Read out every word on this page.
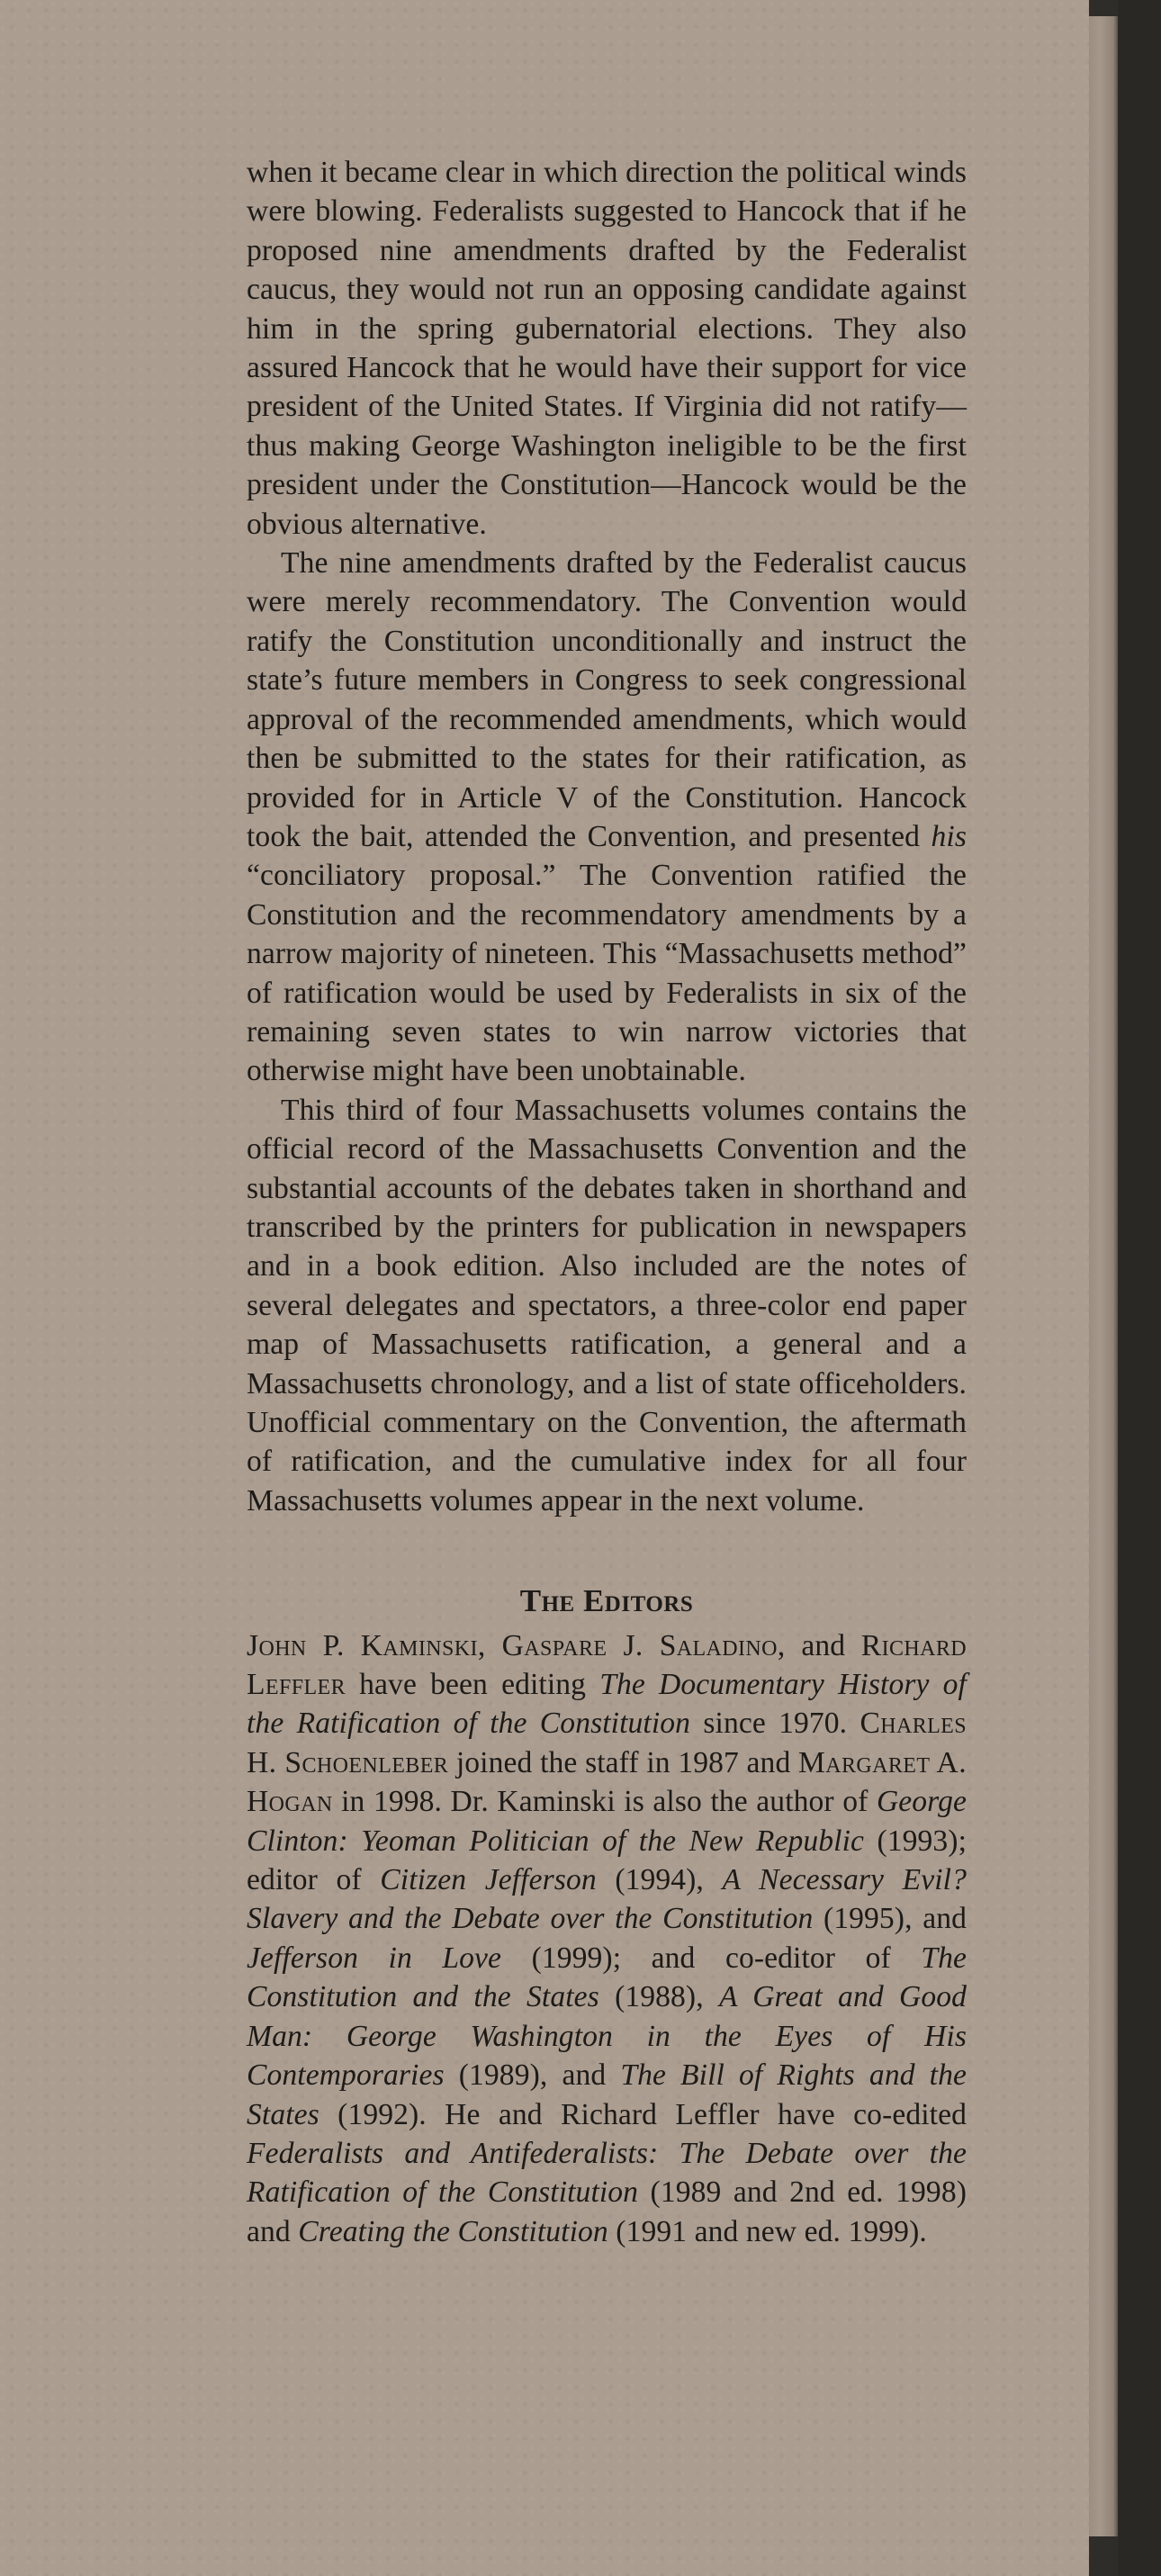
when it became clear in which direction the political winds were blowing. Federalists suggested to Hancock that if he proposed nine amendments drafted by the Federalist caucus, they would not run an opposing candidate against him in the spring gubernatorial elections. They also assured Hancock that he would have their support for vice president of the United States. If Virginia did not ratify—thus making George Washington ineligible to be the first president under the Constitution—Hancock would be the obvious alternative.

The nine amendments drafted by the Federalist caucus were merely recommendatory. The Convention would ratify the Constitution unconditionally and instruct the state’s future members in Congress to seek congressional approval of the recommended amendments, which would then be submitted to the states for their ratification, as provided for in Article V of the Constitution. Hancock took the bait, attended the Convention, and presented his “conciliatory proposal.” The Convention ratified the Constitution and the recommendatory amendments by a narrow majority of nineteen. This “Massachusetts method” of ratification would be used by Federalists in six of the remaining seven states to win narrow victories that otherwise might have been unobtainable.

This third of four Massachusetts volumes contains the official record of the Massachusetts Convention and the substantial accounts of the debates taken in shorthand and transcribed by the printers for publication in newspapers and in a book edition. Also included are the notes of several delegates and spectators, a three-color end paper map of Massachusetts ratification, a general and a Massachusetts chronology, and a list of state officeholders. Unofficial commentary on the Convention, the aftermath of ratification, and the cumulative index for all four Massachusetts volumes appear in the next volume.

The Editors

John P. Kaminski, Gaspare J. Saladino, and Richard Leffler have been editing The Documentary History of the Ratification of the Constitution since 1970. Charles H. Schoenleber joined the staff in 1987 and Margaret A. Hogan in 1998. Dr. Kaminski is also the author of George Clinton: Yeoman Politician of the New Republic (1993); editor of Citizen Jefferson (1994), A Necessary Evil? Slavery and the Debate over the Constitution (1995), and Jefferson in Love (1999); and co-editor of The Constitution and the States (1988), A Great and Good Man: George Washington in the Eyes of His Contemporaries (1989), and The Bill of Rights and the States (1992). He and Richard Leffler have co-edited Federalists and Antifederalists: The Debate over the Ratification of the Constitution (1989 and 2nd ed. 1998) and Creating the Constitution (1991 and new ed. 1999).
